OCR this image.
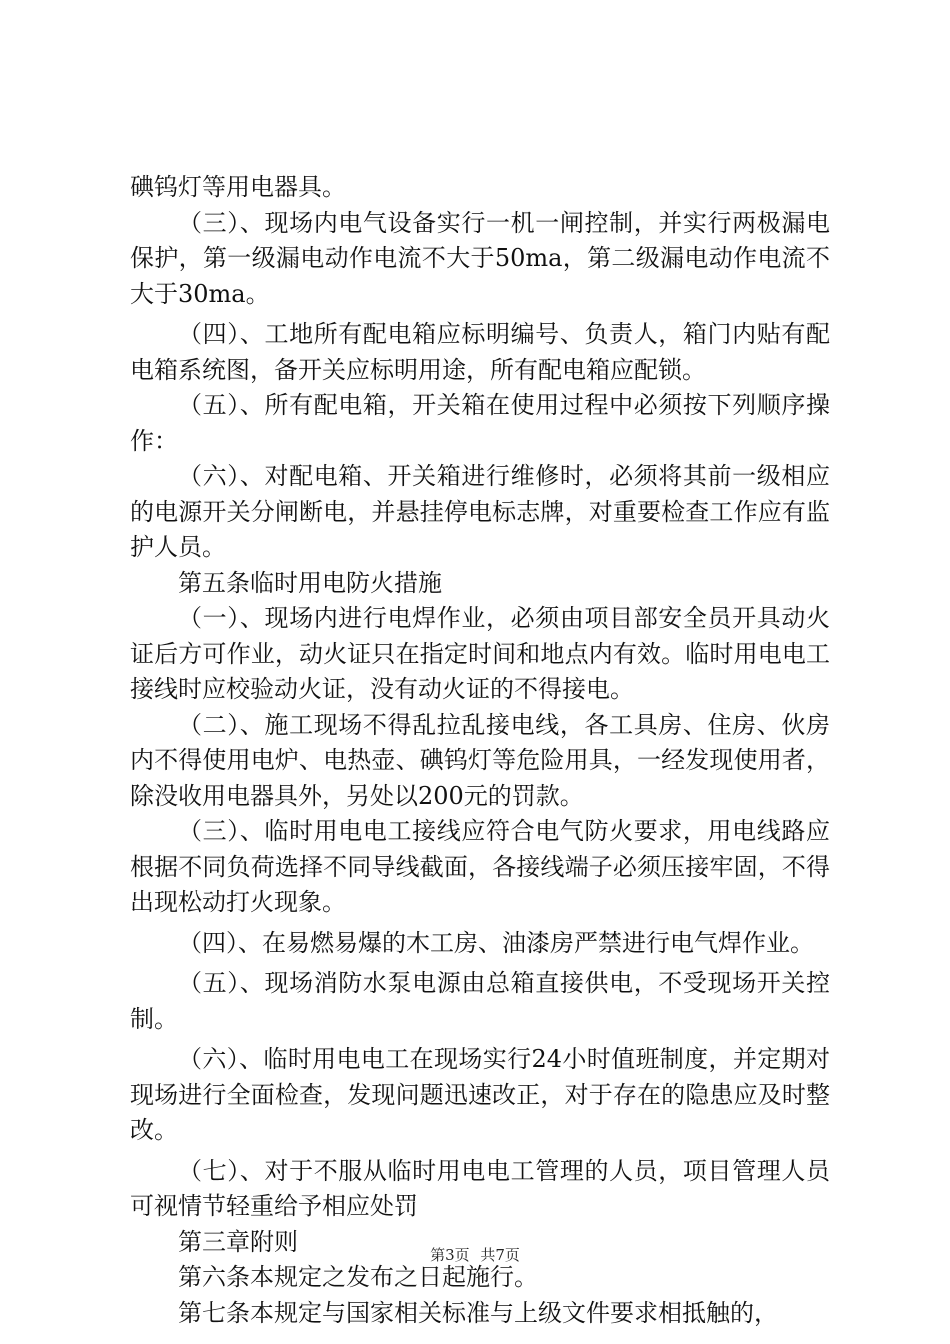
碘钨灯等用电器具。

（三）、现场内电气设备实行一机一闸控制，并实行两极漏电保护，第一级漏电动作电流不大于50ma，第二级漏电动作电流不大于30ma。

（四）、工地所有配电箱应标明编号、负责人，箱门内贴有配电箱系统图，备开关应标明用途，所有配电箱应配锁。

（五）、所有配电箱，开关箱在使用过程中必须按下列顺序操作：

（六）、对配电箱、开关箱进行维修时，必须将其前一级相应的电源开关分闸断电，并悬挂停电标志牌，对重要检查工作应有监护人员。

第五条临时用电防火措施

（一）、现场内进行电焊作业，必须由项目部安全员开具动火证后方可作业，动火证只在指定时间和地点内有效。临时用电电工接线时应校验动火证，没有动火证的不得接电。

（二）、施工现场不得乱拉乱接电线，各工具房、住房、伙房内不得使用电炉、电热壶、碘钨灯等危险用具，一经发现使用者，除没收用电器具外，另处以200元的罚款。

（三）、临时用电电工接线应符合电气防火要求，用电线路应根据不同负荷选择不同导线截面，各接线端子必须压接牢固，不得出现松动打火现象。

（四）、在易燃易爆的木工房、油漆房严禁进行电气焊作业。

（五）、现场消防水泵电源由总箱直接供电，不受现场开关控制。

（六）、临时用电电工在现场实行24小时值班制度，并定期对现场进行全面检查，发现问题迅速改正，对于存在的隐患应及时整改。

（七）、对于不服从临时用电电工管理的人员，项目管理人员可视情节轻重给予相应处罚

第三章附则

第六条本规定之发布之日起施行。

第七条本规定与国家相关标准与上级文件要求相抵触的，

第3页 共7页
